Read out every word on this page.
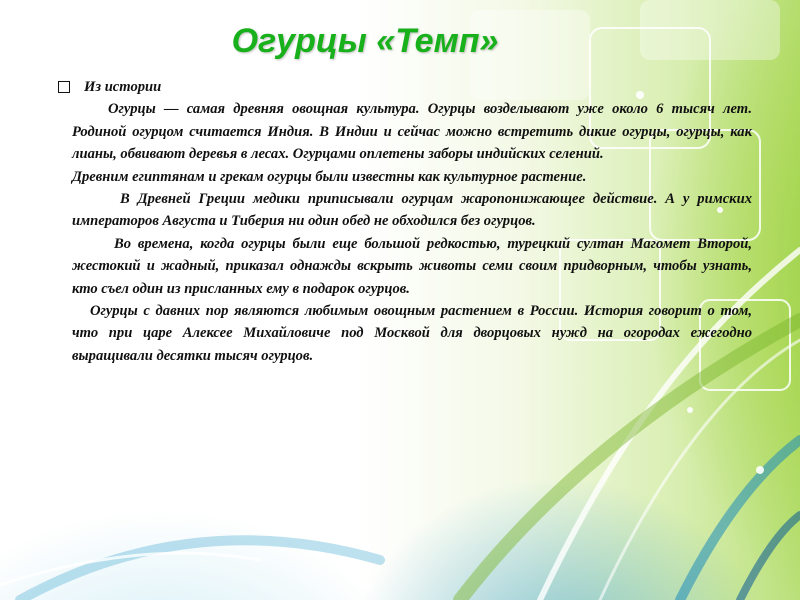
Огурцы «Темп»
Из истории

Огурцы — самая древняя овощная культура. Огурцы возделывают уже около 6 тысяч лет. Родиной огурцом считается Индия. В Индии и сейчас можно встретить дикие огурцы, огурцы, как лианы, обвивают деревья в лесах. Огурцами оплетены заборы индийских селений.

Древним египтянам и грекам огурцы были известны как культурное растение.

В Древней Греции медики приписывали огурцам жаропонижающее действие. А у римских императоров Августа и Тиберия ни один обед не обходился без огурцов.

Во времена, когда огурцы были еще большой редкостью, турецкий султан Магомет Второй, жестокий и жадный, приказал однажды вскрыть животы семи своим придворным, чтобы узнать, кто съел один из присланных ему в подарок огурцов.

Огурцы с давних пор являются любимым овощным растением в России. История говорит о том, что при царе Алексее Михайловиче под Москвой для дворцовых нужд на огородах ежегодно выращивали десятки тысяч огурцов.
